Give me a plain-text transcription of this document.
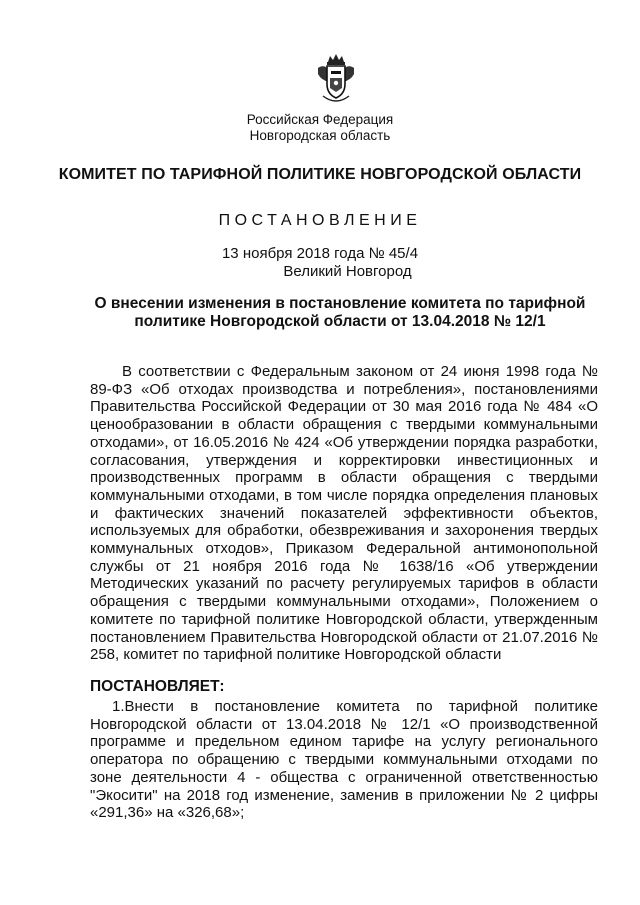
Российская Федерация
Новгородская область
КОМИТЕТ ПО ТАРИФНОЙ ПОЛИТИКЕ НОВГОРОДСКОЙ ОБЛАСТИ
ПОСТАНОВЛЕНИЕ
13 ноября 2018 года № 45/4
Великий Новгород
О внесении изменения в постановление комитета по тарифной политике Новгородской области от 13.04.2018 № 12/1
В соответствии с Федеральным законом от 24 июня 1998 года № 89-ФЗ «Об отходах производства и потребления», постановлениями Правительства Российской Федерации от 30 мая 2016 года № 484 «О ценообразовании в области обращения с твердыми коммунальными отходами», от 16.05.2016 № 424 «Об утверждении порядка разработки, согласования, утверждения и корректировки инвестиционных и производственных программ в области обращения с твердыми коммунальными отходами, в том числе порядка определения плановых и фактических значений показателей эффективности объектов, используемых для обработки, обезвреживания и захоронения твердых коммунальных отходов», Приказом Федеральной антимонопольной службы от 21 ноября 2016 года № 1638/16 «Об утверждении Методических указаний по расчету регулируемых тарифов в области обращения с твердыми коммунальными отходами», Положением о комитете по тарифной политике Новгородской области, утвержденным постановлением Правительства Новгородской области от 21.07.2016 № 258, комитет по тарифной политике Новгородской области
ПОСТАНОВЛЯЕТ:
1.Внести в постановление комитета по тарифной политике Новгородской области от 13.04.2018 № 12/1 «О производственной программе и предельном едином тарифе на услугу регионального оператора по обращению с твердыми коммунальными отходами по зоне деятельности 4 - общества с ограниченной ответственностью "Экосити" на 2018 год изменение, заменив в приложении № 2 цифры «291,36» на «326,68»;
